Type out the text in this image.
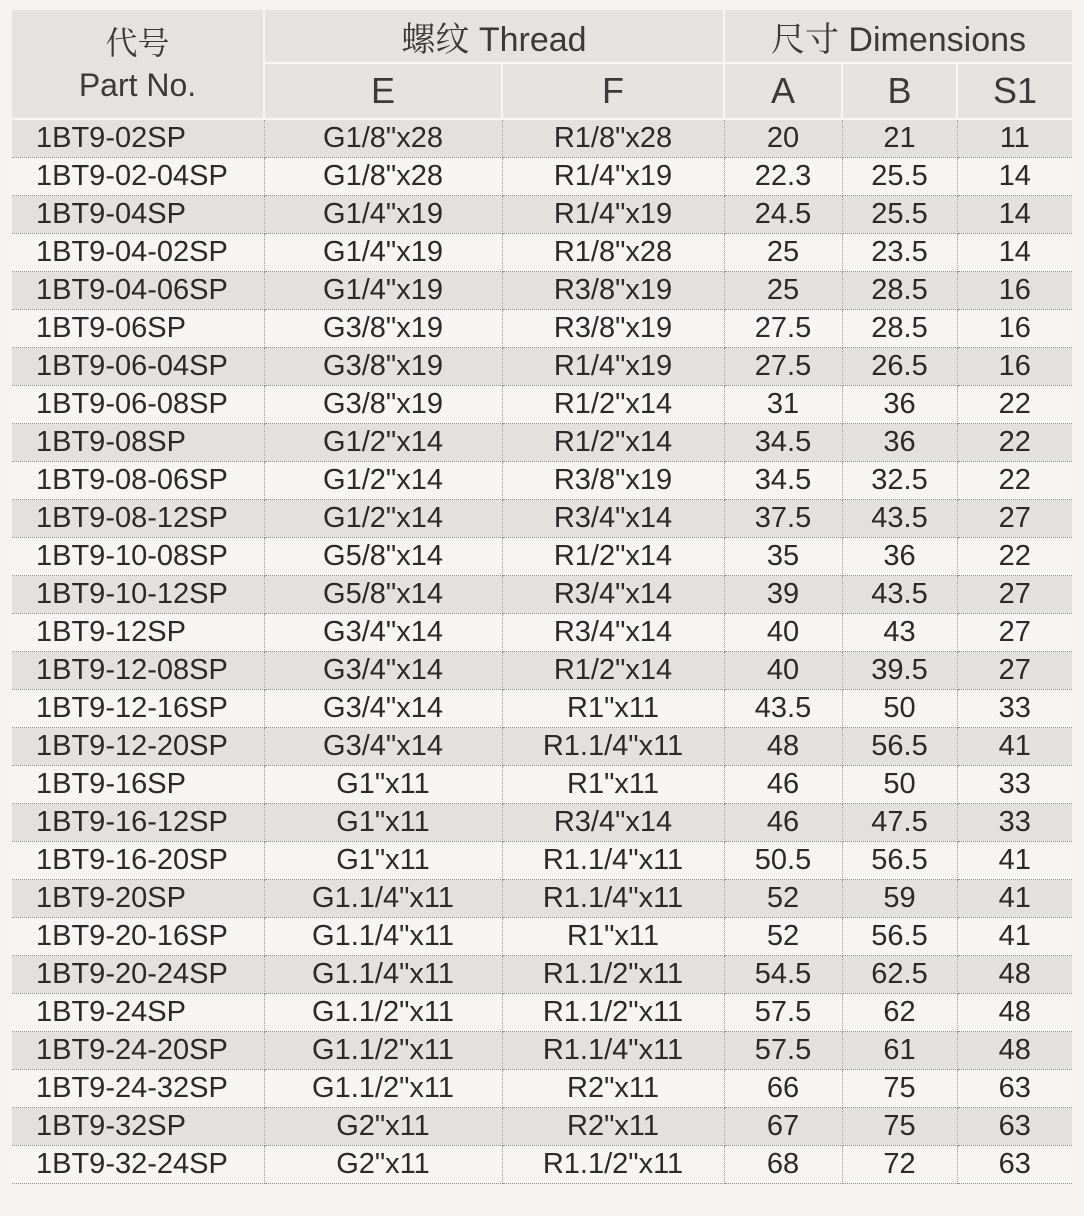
代号
Part No.	螺纹 Thread		尺寸 Dimensions		
	E	F	A	B	S1
1BT9-02SP	G1/8"x28	R1/8"x28	20	21	11
1BT9-02-04SP	G1/8"x28	R1/4"x19	22.3	25.5	14
1BT9-04SP	G1/4"x19	R1/4"x19	24.5	25.5	14
1BT9-04-02SP	G1/4"x19	R1/8"x28	25	23.5	14
1BT9-04-06SP	G1/4"x19	R3/8"x19	25	28.5	16
1BT9-06SP	G3/8"x19	R3/8"x19	27.5	28.5	16
1BT9-06-04SP	G3/8"x19	R1/4"x19	27.5	26.5	16
1BT9-06-08SP	G3/8"x19	R1/2"x14	31	36	22
1BT9-08SP	G1/2"x14	R1/2"x14	34.5	36	22
1BT9-08-06SP	G1/2"x14	R3/8"x19	34.5	32.5	22
1BT9-08-12SP	G1/2"x14	R3/4"x14	37.5	43.5	27
1BT9-10-08SP	G5/8"x14	R1/2"x14	35	36	22
1BT9-10-12SP	G5/8"x14	R3/4"x14	39	43.5	27
1BT9-12SP	G3/4"x14	R3/4"x14	40	43	27
1BT9-12-08SP	G3/4"x14	R1/2"x14	40	39.5	27
1BT9-12-16SP	G3/4"x14	R1"x11	43.5	50	33
1BT9-12-20SP	G3/4"x14	R1.1/4"x11	48	56.5	41
1BT9-16SP	G1"x11	R1"x11	46	50	33
1BT9-16-12SP	G1"x11	R3/4"x14	46	47.5	33
1BT9-16-20SP	G1"x11	R1.1/4"x11	50.5	56.5	41
1BT9-20SP	G1.1/4"x11	R1.1/4"x11	52	59	41
1BT9-20-16SP	G1.1/4"x11	R1"x11	52	56.5	41
1BT9-20-24SP	G1.1/4"x11	R1.1/2"x11	54.5	62.5	48
1BT9-24SP	G1.1/2"x11	R1.1/2"x11	57.5	62	48
1BT9-24-20SP	G1.1/2"x11	R1.1/4"x11	57.5	61	48
1BT9-24-32SP	G1.1/2"x11	R2"x11	66	75	63
1BT9-32SP	G2"x11	R2"x11	67	75	63
1BT9-32-24SP	G2"x11	R1.1/2"x11	68	72	63
